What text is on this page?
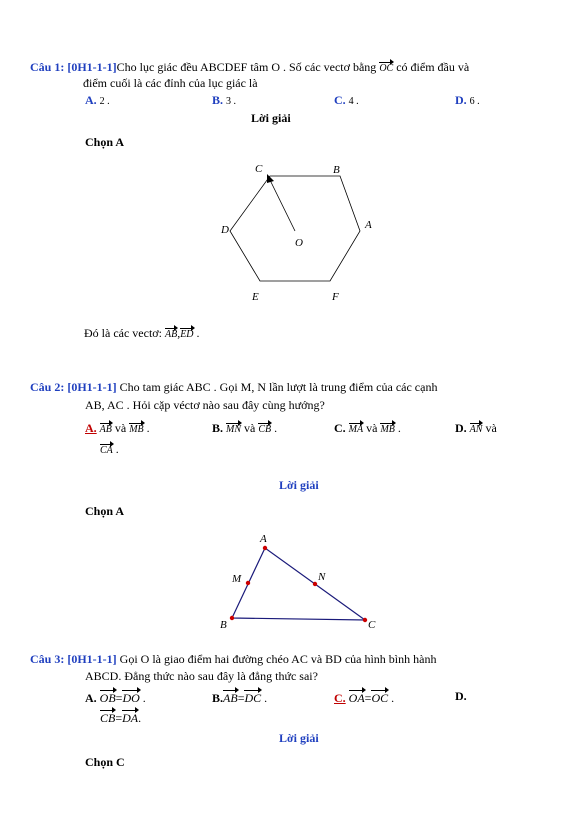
Câu 1: [0H1-1-1]Cho lục giác đều ABCDEF tâm O . Số các vectơ bằng OC có điểm đầu và
điểm cuối là các đỉnh của lục giác là
A. 2 .	B. 3 .	C. 4 .	D. 6 .
Lời giải
Chọn A
C	B
A
D
O
E	F
Đó là các vectơ: AB,ED .
Câu 2: [0H1-1-1] Cho tam giác ABC . Gọi M, N lần lượt là trung điểm của các cạnh
AB, AC . Hỏi cặp véctơ nào sau đây cùng hướng?
A. AB và MB .	B. MN và CB .	C. MA và MB .	D. AN và
CA .
Lời giải
Chọn A
A
M	N
B	C
Câu 3: [0H1-1-1] Gọi O là giao điểm hai đường chéo AC và BD của hình bình hành
ABCD. Đẳng thức nào sau đây là đẳng thức sai?
A. OB=DO .	B.AB=DC .	C. OA=OC .	D.
CB=DA.
Lời giải
Chọn C
